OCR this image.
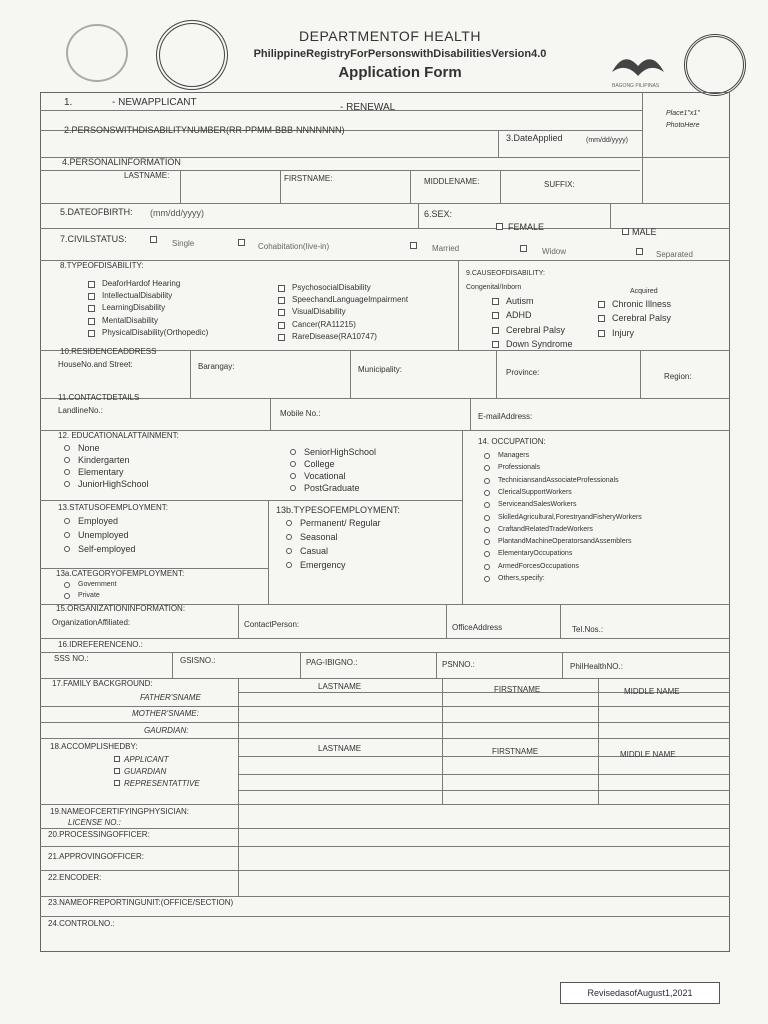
BAGONG PILIPINAS
DEPARTMENTOF HEALTH
PhilippineRegistryForPersonswithDisabilitiesVersion4.0
Application Form
1.	- NEWAPPLICANT	- RENEWAL
Place1"x1"
PhotoHere
2.PERSONSWITHDISABILITYNUMBER(RR-PPMM-BBB-NNNNNNN)
3.DateApplied	(mm/dd/yyyy)
4.PERSONALINFORMATION
LASTNAME:	FIRSTNAME:	MIDDLENAME:	SUFFIX:
5.DATEOFBIRTH: (mm/dd/yyyy)	6.SEX:
FEMALE	MALE
7.CIVILSTATUS:	Single	Cohabitation(live-in)	Married	Widow	Separated
8.TYPEOFDISABILITY:
DeaforHardof Hearing
IntellectualDisability
LearningDisability
MentalDisability
PhysicalDisability(Orthopedic)
PsychosocialDisability
SpeechandLanguageImpairment
VisualDisability
Cancer(RA11215)
RareDisease(RA10747)
9.CAUSEOFDISABILITY:
Congenital/Inborn
Acquired
Autism
ADHD
Cerebral Palsy
Down Syndrome
Chronic Illness
Cerebral Palsy
Injury
10.RESIDENCEADDRESS
HouseNo.and Street:	Barangay:	Municipality:	Province:	Region:
11.CONTACTDETAILS
LandlineNo.:	Mobile No.:	E-mailAddress:
12. EDUCATIONALATTAINMENT:
None
Kindergarten
Elementary
JuniorHighSchool
SeniorHighSchool
College
Vocational
PostGraduate
14. OCCUPATION:
Managers
Professionals
TechniciansandAssociateProfessionals
ClericalSupportWorkers
ServiceandSalesWorkers
SkilledAgricultural,ForestryandFisheryWorkers
CraftandRelatedTradeWorkers
PlantandMachineOperatorsandAssemblers
ElementaryOccupations
ArmedForcesOccupations
Others,specify:
13.STATUSOFEMPLOYMENT:
Employed
Unemployed
Self-employed
13b.TYPESOFEMPLOYMENT:
Permanent/ Regular
Seasonal
Casual
Emergency
13a.CATEGORYOFEMPLOYMENT:
Government
Private
15.ORGANIZATIONINFORMATION:
OrganizationAffiliated:	ContactPerson:	OfficeAddress	Tel.Nos.:
16.IDREFERENCENO.:
SSS NO.:	GSISNO.:	PAG-IBIGNO.:	PSNNO.:	PhilHealthNO.:
17.FAMILY BACKGROUND:	LASTNAME	FIRSTNAME	MIDDLE NAME
FATHER'SNAME
MOTHER'SNAME:
GAURDIAN:
18.ACCOMPLISHEDBY:	LASTNAME	FIRSTNAME	MIDDLE NAME
APPLICANT
GUARDIAN
REPRESENTATTIVE
19.NAMEOFCERTIFYINGPHYSICIAN:
LICENSE NO.:
20.PROCESSINGOFFICER:
21.APPROVINGOFFICER:
22.ENCODER:
23.NAMEOFREPORTINGUNIT:(OFFICE/SECTION)
24.CONTROLNO.:
RevisedasofAugust1,2021
